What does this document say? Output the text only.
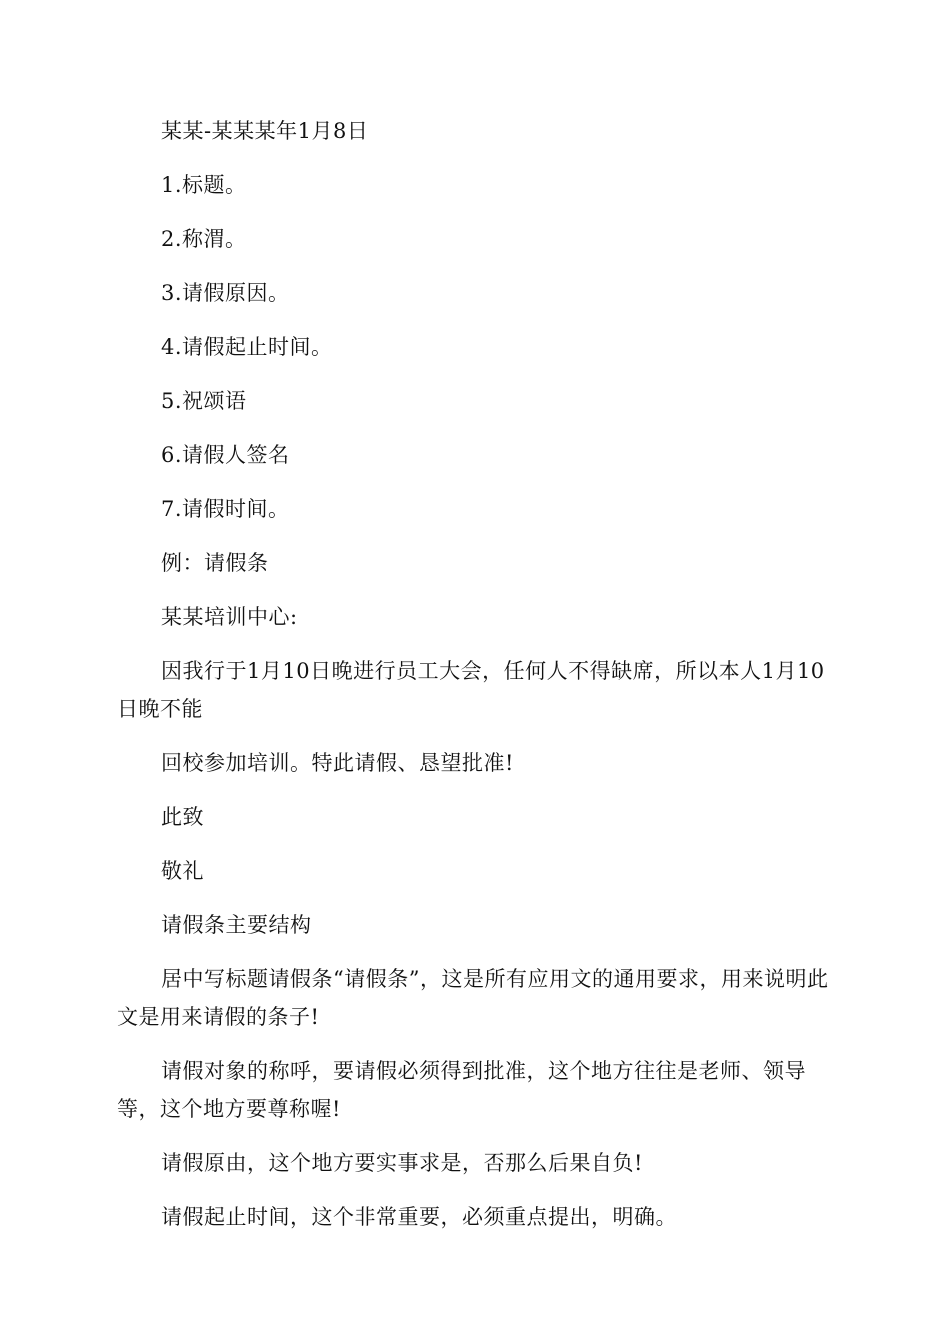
某某-某某某年1月8日

1.标题。

2.称渭。

3.请假原因。

4.请假起止时间。

5.祝颂语

6.请假人签名

7.请假时间。

例：请假条

某某培训中心:

因我行于1月10日晚进行员工大会，任何人不得缺席，所以本人1月10日晚不能

回校参加培训。特此请假、恳望批准!

此致

敬礼

请假条主要结构

居中写标题请假条“请假条”，这是所有应用文的通用要求，用来说明此文是用来请假的条子!

请假对象的称呼，要请假必须得到批准，这个地方往往是老师、领导等，这个地方要尊称喔!

请假原由，这个地方要实事求是，否那么后果自负!

请假起止时间，这个非常重要，必须重点提出，明确。
